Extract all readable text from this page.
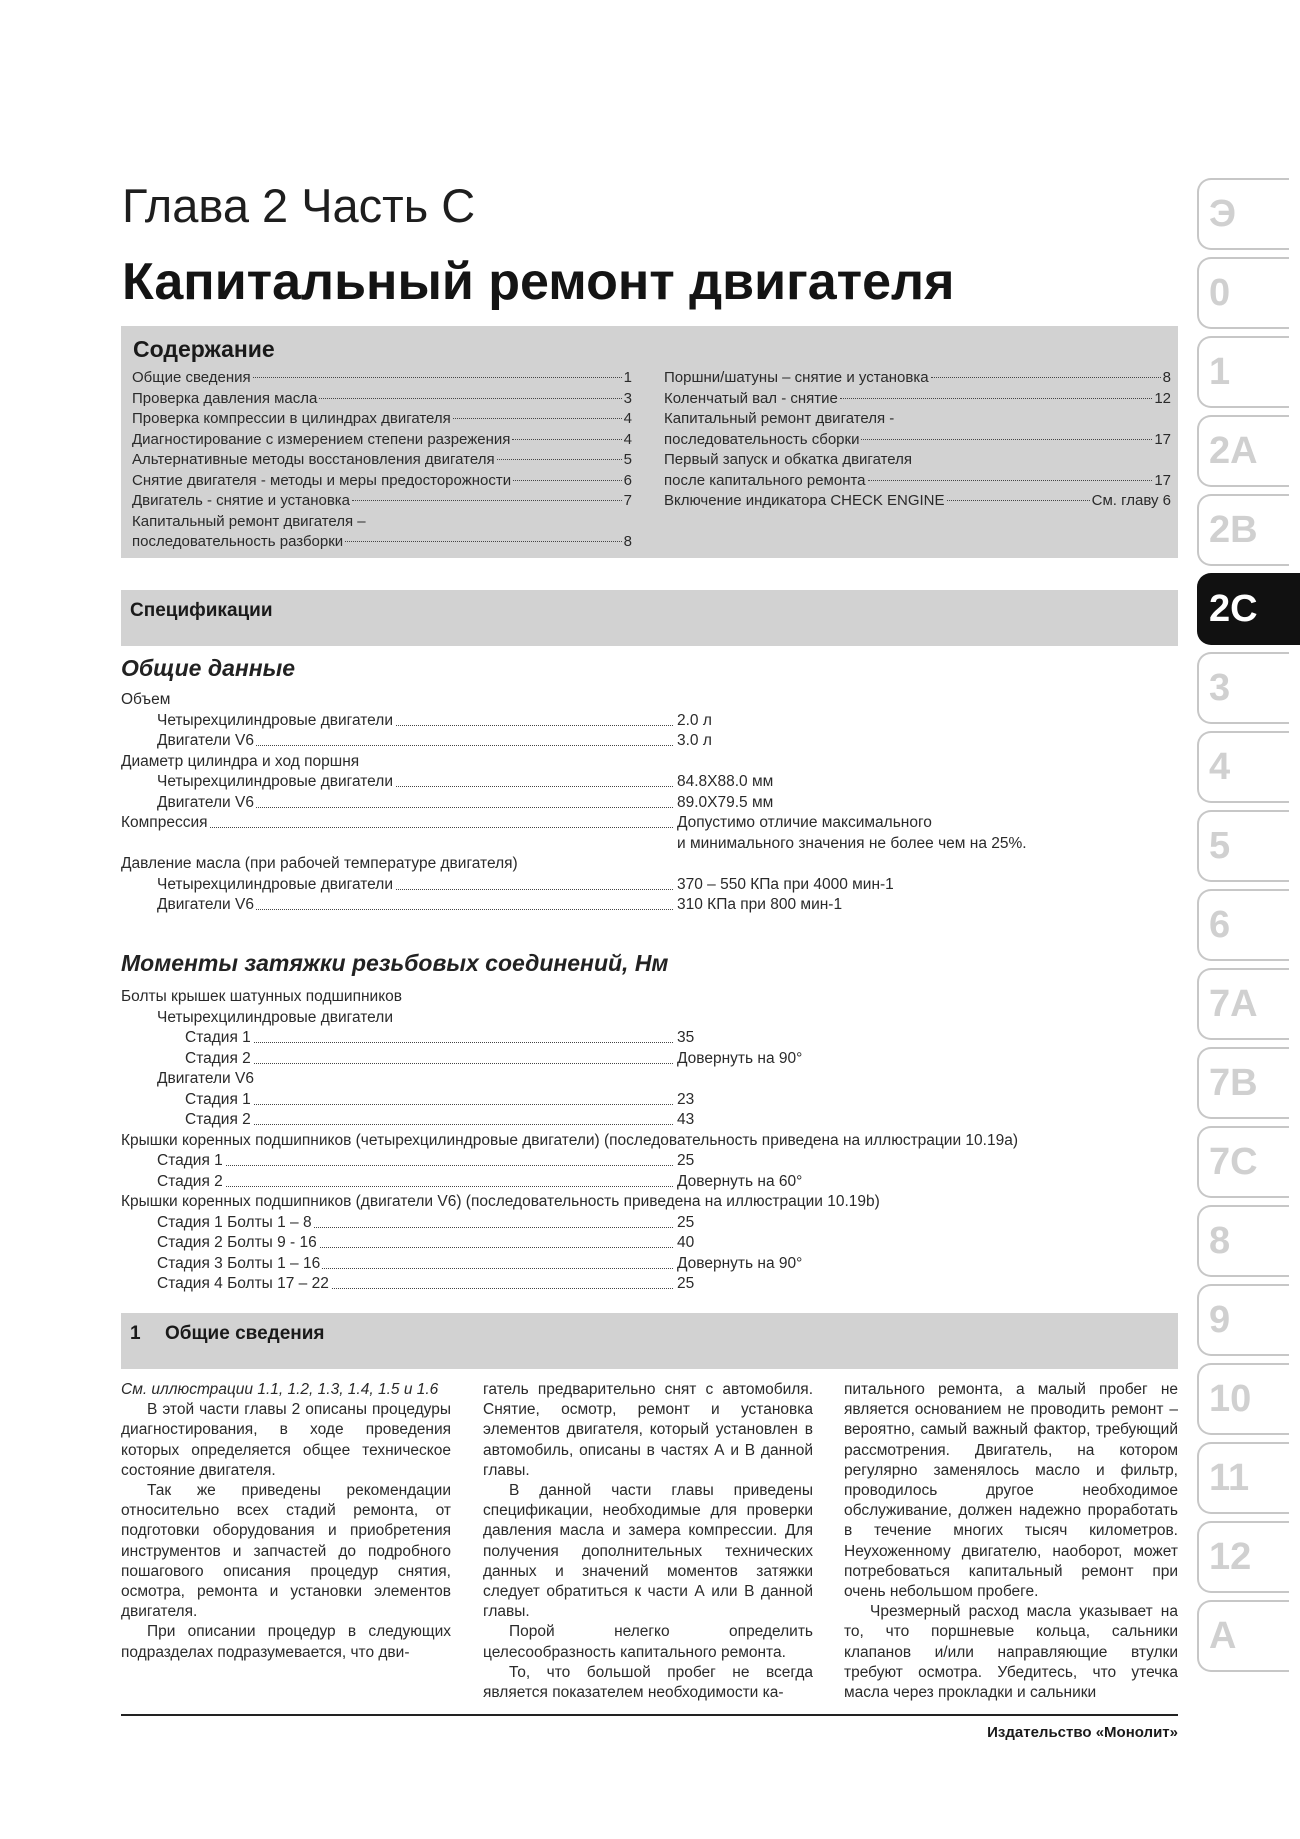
Глава 2 Часть С
Капитальный ремонт двигателя
Содержание
Общие сведения	1
Проверка давления масла	3
Проверка компрессии в цилиндрах двигателя	4
Диагностирование с измерением степени разрежения	4
Альтернативные методы восстановления двигателя	5
Снятие двигателя - методы и меры предосторожности	6
Двигатель - снятие и установка	7
Капитальный ремонт двигателя –
последовательность разборки	8
Поршни/шатуны – снятие и установка	8
Коленчатый вал - снятие	12
Капитальный ремонт двигателя -
последовательность сборки	17
Первый запуск и обкатка двигателя
после капитального ремонта	17
Включение индикатора CHECK ENGINE	См. главу 6
Спецификации
Общие данные
Объем
Четырехцилиндровые двигатели	2.0 л
Двигатели V6	3.0 л
Диаметр цилиндра и ход поршня
Четырехцилиндровые двигатели	84.8X88.0 мм
Двигатели V6	89.0X79.5 мм
Компрессия	Допустимо отличие максимального
и минимального значения не более чем на 25%.
Давление масла (при рабочей температуре двигателя)
Четырехцилиндровые двигатели	370 – 550 КПа при 4000 мин-1
Двигатели V6	310 КПа при 800 мин-1
Моменты затяжки резьбовых соединений, Нм
Болты крышек шатунных подшипников
Четырехцилиндровые двигатели
Стадия 1	35
Стадия 2	Довернуть на 90°
Двигатели V6
Стадия 1	23
Стадия 2	43
Крышки коренных подшипников (четырехцилиндровые двигатели) (последовательность приведена на иллюстрации 10.19a)
Стадия 1	25
Стадия 2	Довернуть на 60°
Крышки коренных подшипников (двигатели V6) (последовательность приведена на иллюстрации 10.19b)
Стадия 1 Болты 1 – 8	25
Стадия 2 Болты 9 - 16	40
Стадия 3 Болты 1 – 16	Довернуть на 90°
Стадия 4 Болты 17 – 22	25
1 Общие сведения

См. иллюстрации 1.1, 1.2, 1.3, 1.4, 1.5 и 1.6

В этой части главы 2 описаны процедуры диагностирования, в ходе проведения которых определяется общее техническое состояние двигателя.

Так же приведены рекомендации относительно всех стадий ремонта, от подготовки оборудования и приобретения инструментов и запчастей до подробного пошагового описания процедур снятия, осмотра, ремонта и установки элементов двигателя.

При описании процедур в следующих подразделах подразумевается, что дви-

гатель предварительно снят с автомобиля. Снятие, осмотр, ремонт и установка элементов двигателя, который установлен в автомобиль, описаны в частях А и В данной главы.

В данной части главы приведены спецификации, необходимые для проверки давления масла и замера компрессии. Для получения дополнительных технических данных и значений моментов затяжки следует обратиться к части А или В данной главы.

Порой нелегко определить целесообразность капитального ремонта.

То, что большой пробег не всегда является показателем необходимости ка-

питального ремонта, а малый пробег не является основанием не проводить ремонт – вероятно, самый важный фактор, требующий рассмотрения. Двигатель, на котором регулярно заменялось масло и фильтр, проводилось другое необходимое обслуживание, должен надежно проработать в течение многих тысяч километров. Неухоженному двигателю, наоборот, может потребоваться капитальный ремонт при очень небольшом пробеге.

Чрезмерный расход масла указывает на то, что поршневые кольца, сальники клапанов и/или направляющие втулки требуют осмотра. Убедитесь, что утечка масла через прокладки и сальники

Издательство «Монолит»
Э
0
1
2A
2B
2C
3
4
5
6
7A
7B
7C
8
9
10
11
12
A
